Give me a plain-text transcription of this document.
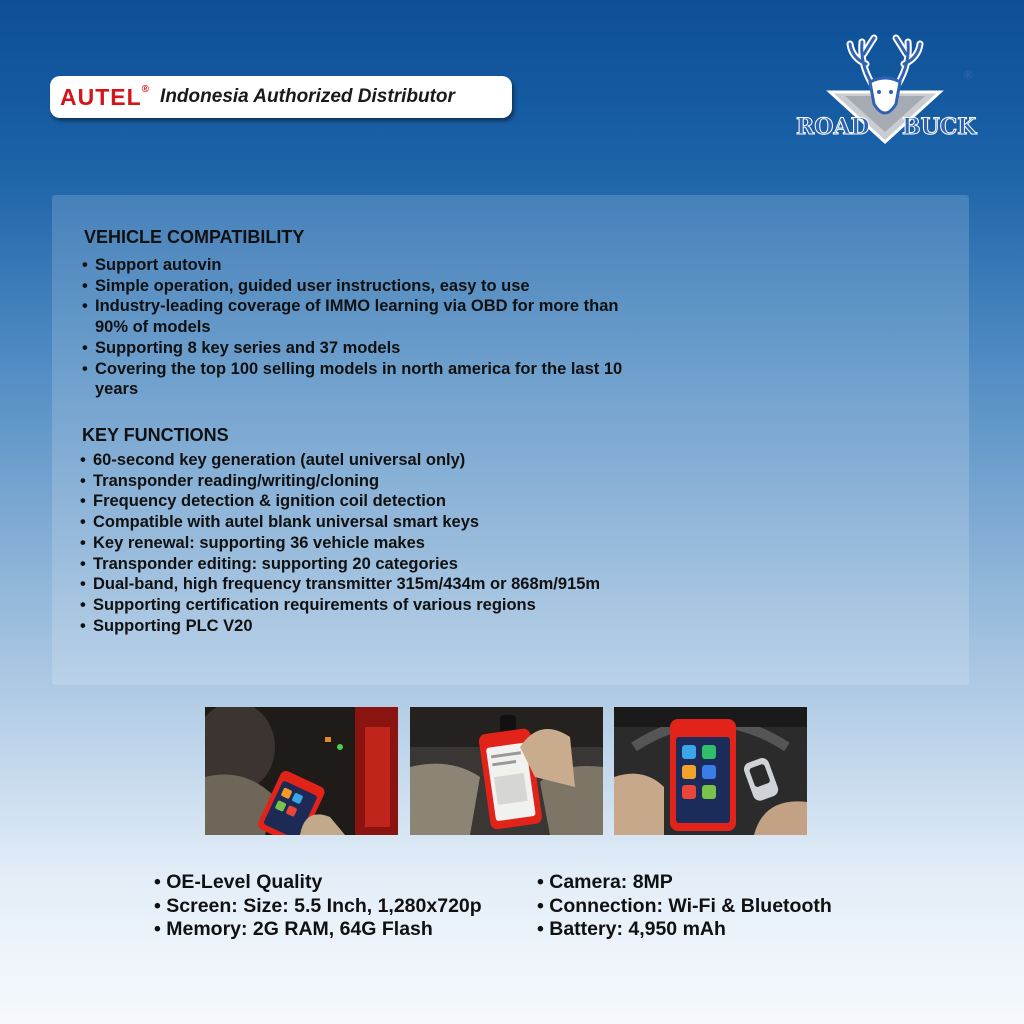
AUTEL® Indonesia Authorized Distributor
ROAD BUCK
®
VEHICLE COMPATIBILITY
• Support autovin
• Simple operation, guided user instructions, easy to use
• Industry-leading coverage of IMMO learning via OBD for more than 90% of models
• Supporting 8 key series and 37 models
• Covering the top 100 selling models in north america for the last 10 years
KEY FUNCTIONS
• 60-second key generation (autel universal only)
• Transponder reading/writing/cloning
• Frequency detection & ignition coil detection
• Compatible with autel blank universal smart keys
• Key renewal: supporting 36 vehicle makes
• Transponder editing: supporting 20 categories
• Dual-band, high frequency transmitter 315m/434m or 868m/915m
• Supporting certification requirements of various regions
• Supporting PLC V20
• OE-Level Quality
• Screen: Size: 5.5 Inch, 1,280x720p
• Memory: 2G RAM, 64G Flash
• Camera: 8MP
• Connection: Wi-Fi & Bluetooth
• Battery: 4,950 mAh
